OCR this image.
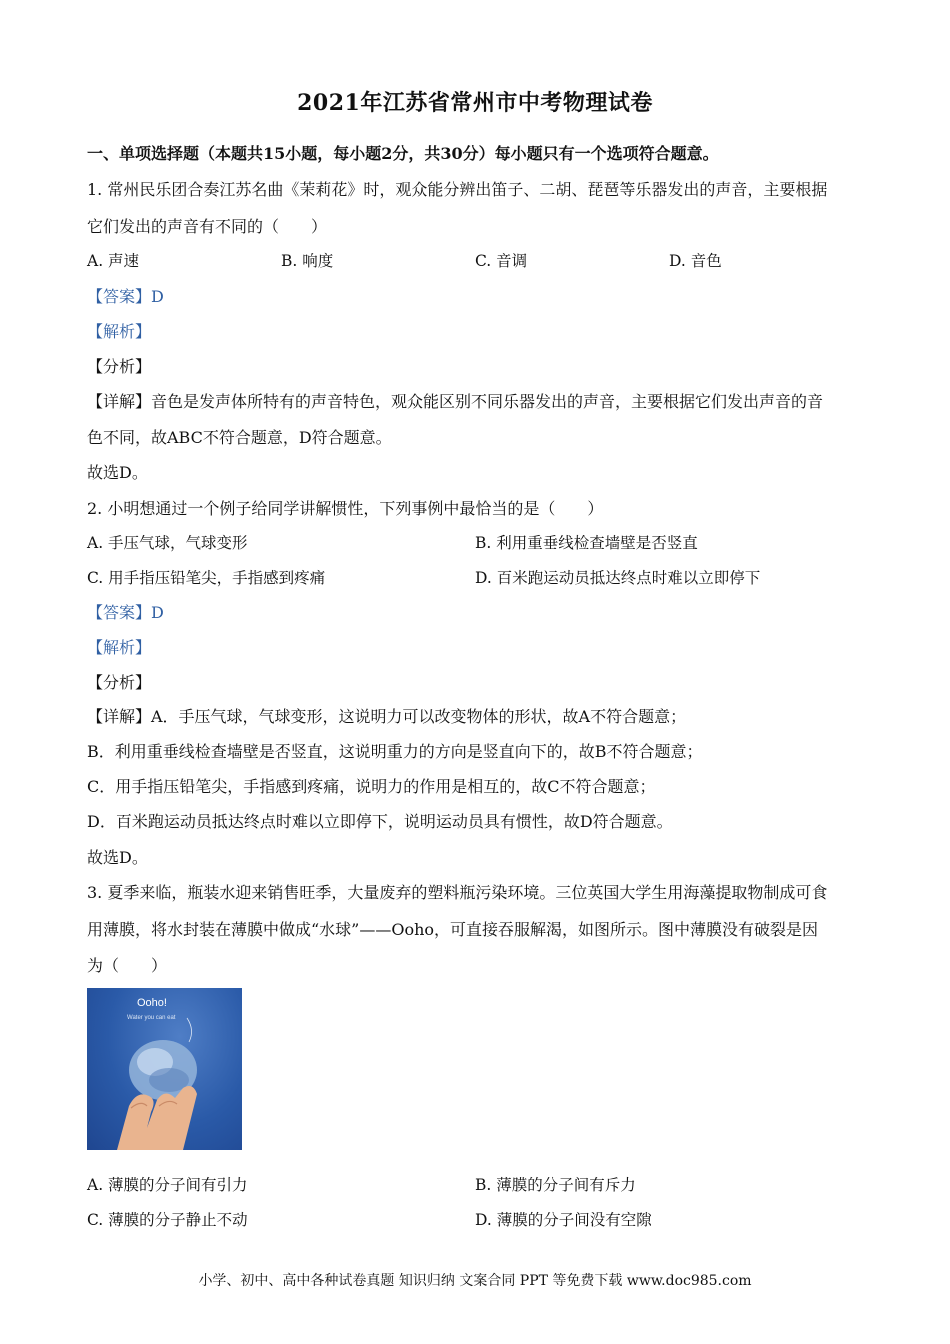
2021年江苏省常州市中考物理试卷
一、单项选择题（本题共15小题，每小题2分，共30分）每小题只有一个选项符合题意。
1. 常州民乐团合奏江苏名曲《茉莉花》时，观众能分辨出笛子、二胡、琵琶等乐器发出的声音，主要根据
它们发出的声音有不同的（　　）
A. 声速	B. 响度	C. 音调	D. 音色
【答案】D
【解析】
【分析】
【详解】音色是发声体所特有的声音特色，观众能区别不同乐器发出的声音，主要根据它们发出声音的音
色不同，故ABC不符合题意，D符合题意。
故选D。
2. 小明想通过一个例子给同学讲解惯性，下列事例中最恰当的是（　　）
A. 手压气球，气球变形	B. 利用重垂线检查墙壁是否竖直
C. 用手指压铅笔尖，手指感到疼痛	D. 百米跑运动员抵达终点时难以立即停下
【答案】D
【解析】
【分析】
【详解】A．手压气球，气球变形，这说明力可以改变物体的形状，故A不符合题意；
B．利用重垂线检查墙壁是否竖直，这说明重力的方向是竖直向下的，故B不符合题意；
C．用手指压铅笔尖，手指感到疼痛，说明力的作用是相互的，故C不符合题意；
D．百米跑运动员抵达终点时难以立即停下，说明运动员具有惯性，故D符合题意。
故选D。
3. 夏季来临，瓶装水迎来销售旺季，大量废弃的塑料瓶污染环境。三位英国大学生用海藻提取物制成可食
用薄膜，将水封装在薄膜中做成“水球”——Ooho，可直接吞服解渴，如图所示。图中薄膜没有破裂是因
为（　　）
Ooho!
Water you can eat
A. 薄膜的分子间有引力	B. 薄膜的分子间有斥力
C. 薄膜的分子静止不动	D. 薄膜的分子间没有空隙
小学、初中、高中各种试卷真题 知识归纳 文案合同 PPT 等免费下载 www.doc985.com
